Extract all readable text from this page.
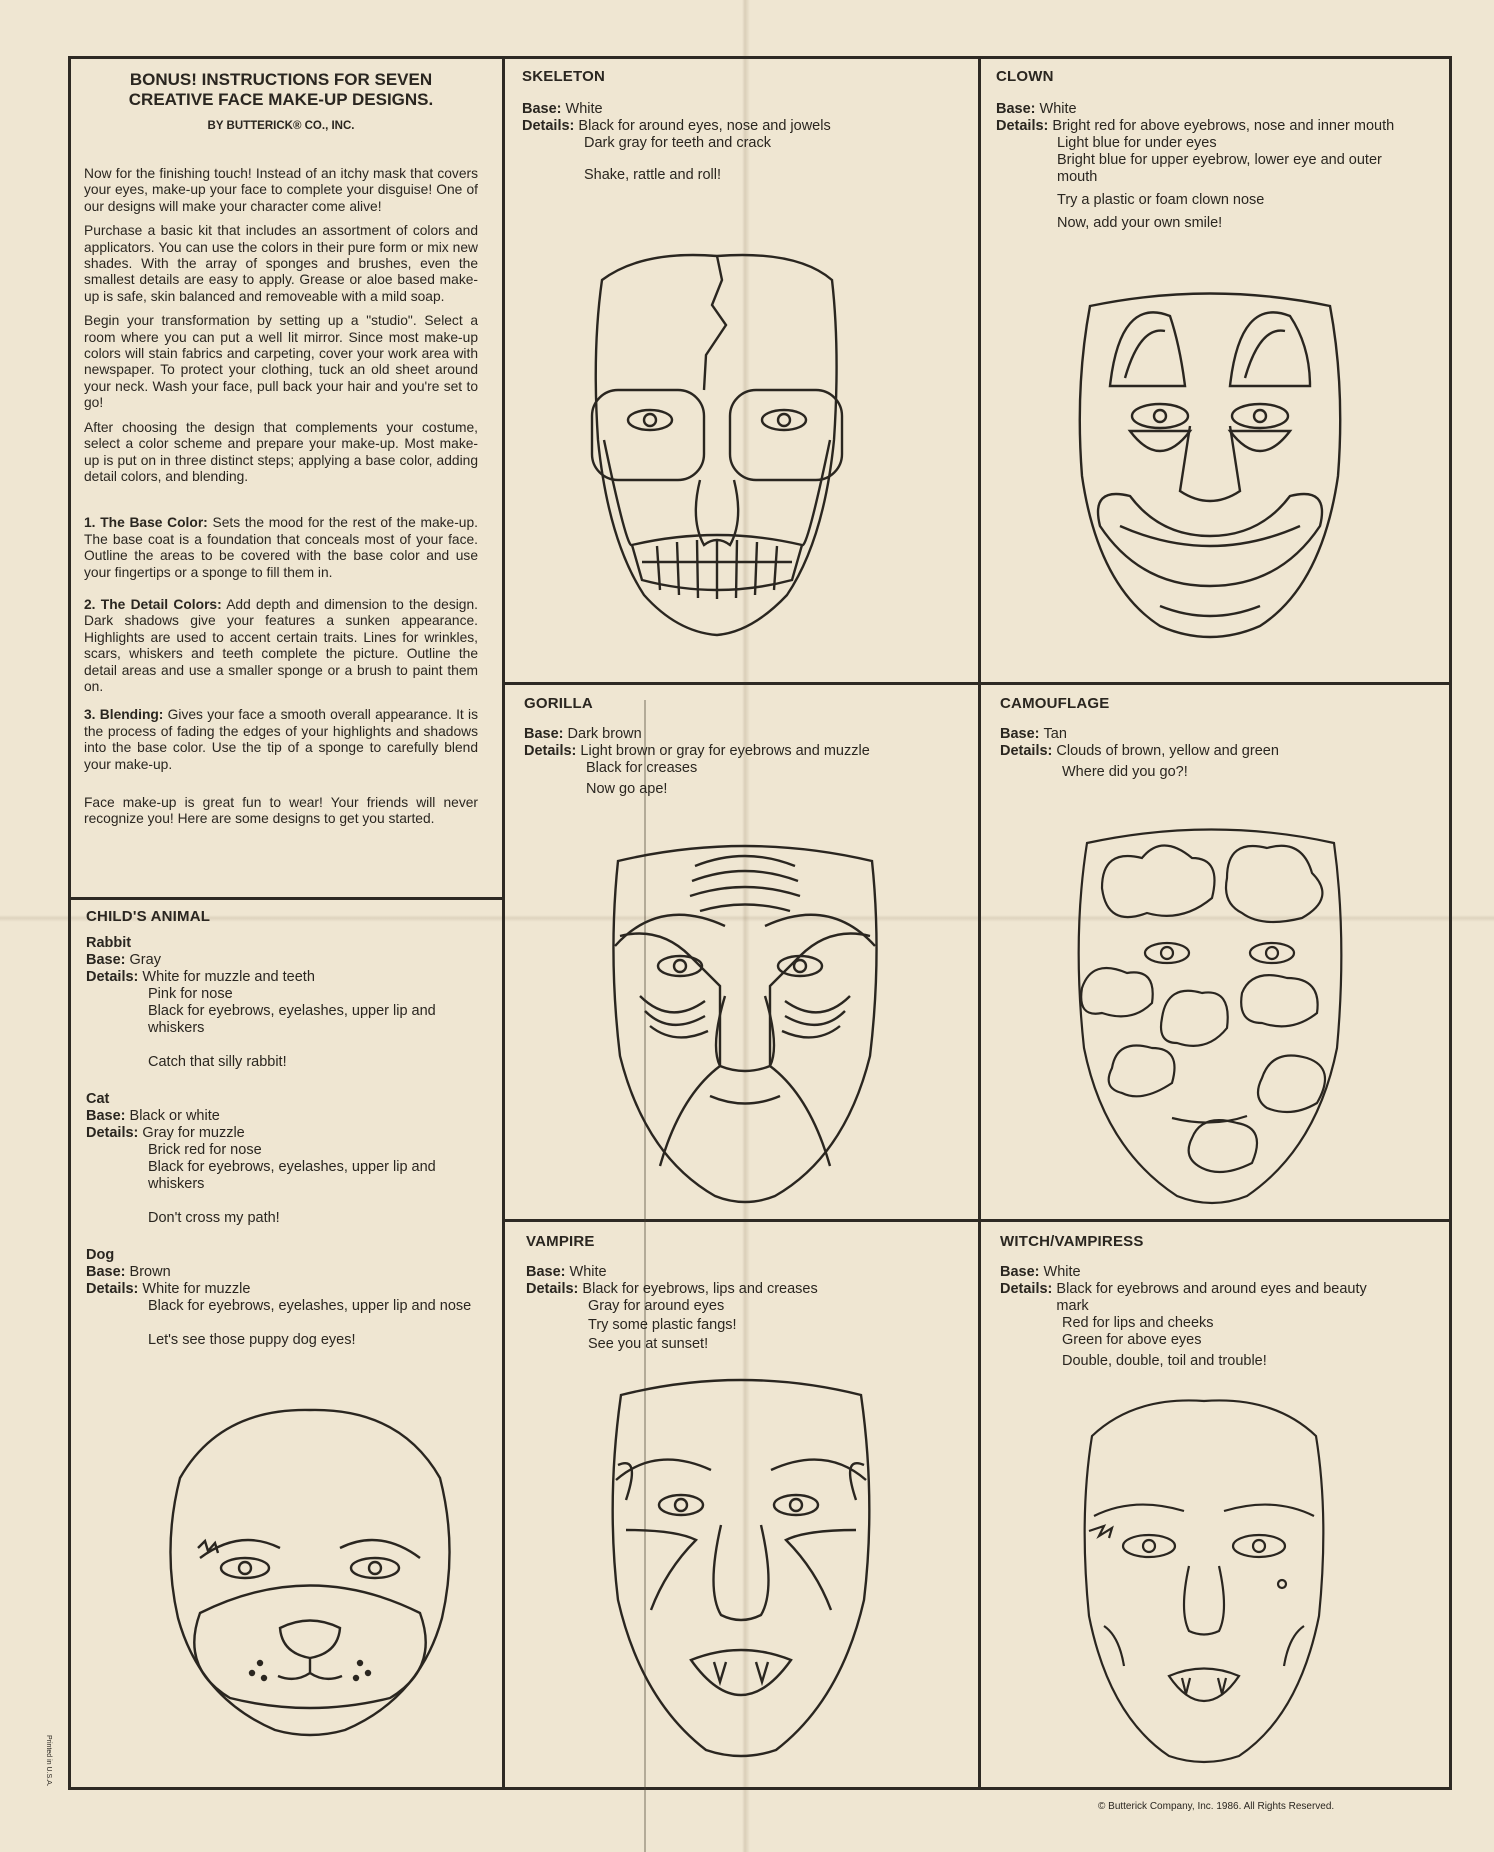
BONUS! INSTRUCTIONS FOR SEVEN
CREATIVE FACE MAKE-UP DESIGNS.
BY BUTTERICK® CO., INC.

Now for the finishing touch! Instead of an itchy mask that covers your eyes, make-up your face to complete your disguise! One of our designs will make your character come alive!

Purchase a basic kit that includes an assortment of colors and applicators. You can use the colors in their pure form or mix new shades. With the array of sponges and brushes, even the smallest details are easy to apply. Grease or aloe based make-up is safe, skin balanced and removeable with a mild soap.

Begin your transformation by setting up a "studio". Select a room where you can put a well lit mirror. Since most make-up colors will stain fabrics and carpeting, cover your work area with newspaper. To protect your clothing, tuck an old sheet around your neck. Wash your face, pull back your hair and you're set to go!

After choosing the design that complements your costume, select a color scheme and prepare your make-up. Most make-up is put on in three distinct steps; applying a base color, adding detail colors, and blending.

1. The Base Color: Sets the mood for the rest of the make-up. The base coat is a foundation that conceals most of your face. Outline the areas to be covered with the base color and use your fingertips or a sponge to fill them in.

2. The Detail Colors: Add depth and dimension to the design. Dark shadows give your features a sunken appearance. Highlights are used to accent certain traits. Lines for wrinkles, scars, whiskers and teeth complete the picture. Outline the detail areas and use a smaller sponge or a brush to paint them on.

3. Blending: Gives your face a smooth overall appearance. It is the process of fading the edges of your highlights and shadows into the base color. Use the tip of a sponge to carefully blend your make-up.

Face make-up is great fun to wear! Your friends will never recognize you! Here are some designs to get you started.

CHILD'S ANIMAL
Rabbit
Base:
Gray
Details:
White for muzzle and teeth
Pink for nose
Black for eyebrows, eyelashes, upper lip and whiskers
Catch that silly rabbit!
Cat
Base:
Black or white
Details:
Gray for muzzle
Brick red for nose
Black for eyebrows, eyelashes, upper lip and whiskers
Don't cross my path!
Dog
Base:
Brown
Details:
White for muzzle
Black for eyebrows, eyelashes, upper lip and nose
Let's see those puppy dog eyes!
SKELETON
Base:
White
Details:
Black for around eyes, nose and jowels
Dark gray for teeth and crack
Shake, rattle and roll!
CLOWN
Base:
White
Details:
Bright red for above eyebrows, nose and inner mouth
Light blue for under eyes
Bright blue for upper eyebrow, lower eye and outer mouth
Try a plastic or foam clown nose
Now, add your own smile!
GORILLA
Base:
Dark brown
Details:
Light brown or gray for eyebrows and muzzle
Black for creases
Now go ape!
CAMOUFLAGE
Base:
Tan
Details:
Clouds of brown, yellow and green
Where did you go?!
VAMPIRE
Base:
White
Details:
Black for eyebrows, lips and creases
Gray for around eyes
Try some plastic fangs!
See you at sunset!
WITCH/VAMPIRESS
Base:
White
Details:
Black for eyebrows and around eyes and beauty mark
Red for lips and cheeks
Green for above eyes
Double, double, toil and trouble!
Printed in U.S.A.
© Butterick Company, Inc. 1986. All Rights Reserved.
